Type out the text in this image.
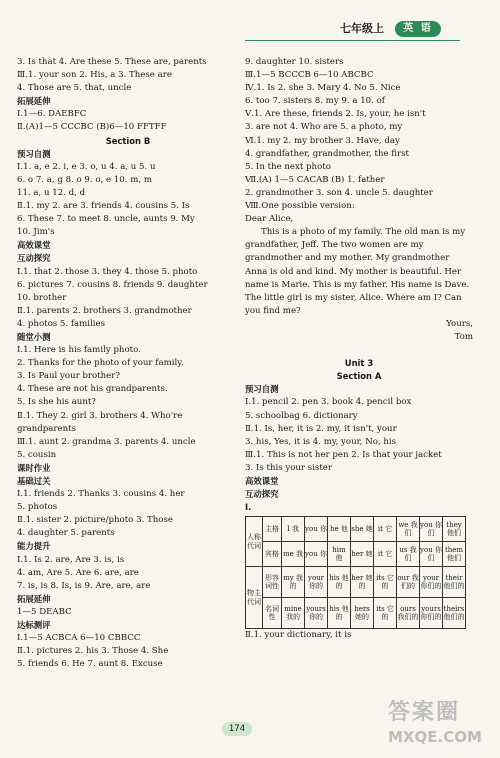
七年级上	英 语
3. Is that 4. Are these 5. These are, parents
Ⅲ.1. your son 2. His, a 3. These are
4. Those are 5. that, uncle
拓展延伸
Ⅰ.1—6. DAEBFC
Ⅱ.(A)1—5 CCCBC (B)6—10 FFTFF
Section B
预习自测
Ⅰ.1. a, e 2. i, e 3. o, u 4. a, u 5. u
6. o 7. a, g 8. o 9. o, e 10. m, m
11. a, u 12. d, d
Ⅱ.1. my 2. are 3. friends 4. cousins 5. Is
6. These 7. to meet 8. uncle, aunts 9. My
10. Jim's
高效课堂
互动探究
Ⅰ.1. that 2. those 3. they 4. those 5. photo
6. pictures 7. cousins 8. friends 9. daughter
10. brother
Ⅱ.1. parents 2. brothers 3. grandmother
4. photos 5. families
随堂小测
Ⅰ.1. Here is his family photo.
2. Thanks for the photo of your family.
3. Is Paul your brother?
4. These are not his grandparents.
5. Is she his aunt?
Ⅱ.1. They 2. girl 3. brothers 4. Who're
grandparents
Ⅲ.1. aunt 2. grandma 3. parents 4. uncle
5. cousin
课时作业
基础过关
Ⅰ.1. friends 2. Thanks 3. cousins 4. her
5. photos
Ⅱ.1. sister 2. picture/photo 3. Those
4. daughter 5. parents
能力提升
Ⅰ.1. Is 2. are, Are 3. is, is
4. am, Are 5. Are 6. are, are
7. is, is 8. Is, is 9. Are, are, are
拓展延伸
1—5 DEABC
达标测评
Ⅰ.1—5 ACBCA 6—10 CBBCC
Ⅱ.1. pictures 2. his 3. Those 4. She
5. friends 6. He 7. aunt 8. Excuse
9. daughter 10. sisters
Ⅲ.1—5 BCCCB 6—10 ABCBC
Ⅳ.1. Is 2. she 3. Mary 4. No 5. Nice
6. too 7. sisters 8. my 9. a 10. of
Ⅴ.1. Are these, friends 2. Is, your, he isn't
3. are not 4. Who are 5. a photo, my
Ⅵ.1. my 2. my brother 3. Have, day
4. grandfather, grandmother, the first
5. In the next photo
Ⅶ.(A) 1—5 CACAB (B) 1. father
2. grandmother 3. son 4. uncle 5. daughter
Ⅷ.One possible version:
Dear Alice,
This is a photo of my family. The old man is my grandfather, Jeff. The two women are my grandmother and my mother. My grandmother Anna is old and kind. My mother is beautiful. Her name is Marie. This is my father. His name is Dave. The little girl is my sister, Alice. Where am I? Can you find me?
Yours,
Tom
Unit 3
Section A
预习自测
Ⅰ.1. pencil 2. pen 3. book 4. pencil box
5. schoolbag 6. dictionary
Ⅱ.1. Is, her, it is 2. my, it isn't, your
3. his, Yes, it is 4. my, your, No, his
Ⅲ.1. This is not her pen 2. Is that your jacket
3. Is this your sister
高效课堂
互动探究
Ⅰ.
人称代词	主格	I 我	you 你	he 他	she 她	it 它	we 我们	you 你们	they 他们
	宾格	me 我	you 你	him 他	her 她	it 它	us 我们	you 你们	them 他们
物主代词	形容词性	my 我的	your 你的	his 他的	her 她的	its 它的	our 我们的	your 你们的	their 他们的
	名词性	mine 我的	yours 你的	his 他的	hers 她的	its 它的	ours 我们的	yours 你们的	theirs 他们的
Ⅱ.1. your dictionary, it is
174
答案圈
MXQE.COM
